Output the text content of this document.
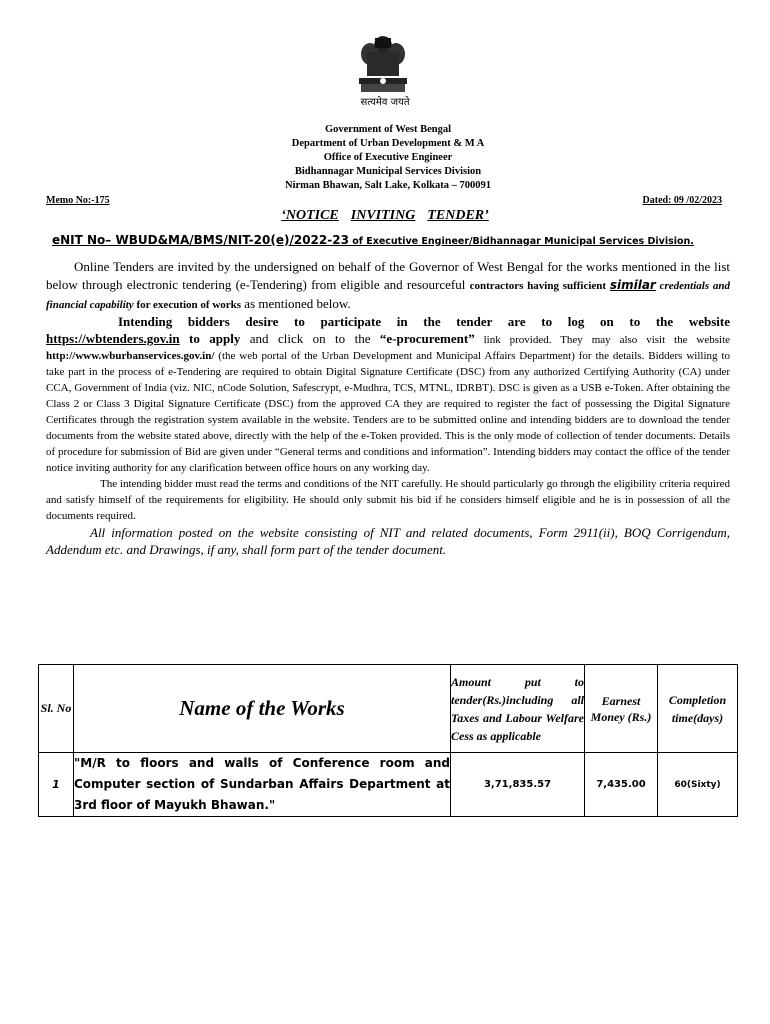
सत्यमेव जयते
Government of West Bengal
Department of Urban Development & M A
Office of Executive Engineer
Bidhannagar Municipal Services Division
Nirman Bhawan, Salt Lake, Kolkata – 700091
Memo No:-175	Dated: 09 /02/2023
‘NOTICE INVITING TENDER’
eNIT No– WBUD&MA/BMS/NIT-20(e)/2022-23 of Executive Engineer/Bidhannagar Municipal Services Division.

Online Tenders are invited by the undersigned on behalf of the Governor of West Bengal for the works mentioned in the list below through electronic tendering (e-Tendering) from eligible and resourceful contractors having sufficient similar credentials and financial capability for execution of works as mentioned below.

Intending bidders desire to participate in the tender are to log on to the website https://wbtenders.gov.in to apply and click on to the “e-procurement” link provided. They may also visit the website http://www.wburbanservices.gov.in/ (the web portal of the Urban Development and Municipal Affairs Department) for the details. Bidders willing to take part in the process of e-Tendering are required to obtain Digital Signature Certificate (DSC) from any authorized Certifying Authority (CA) under CCA, Government of India (viz. NIC, nCode Solution, Safescrypt, e-Mudhra, TCS, MTNL, IDRBT). DSC is given as a USB e-Token. After obtaining the Class 2 or Class 3 Digital Signature Certificate (DSC) from the approved CA they are required to register the fact of possessing the Digital Signature Certificates through the registration system available in the website. Tenders are to be submitted online and intending bidders are to download the tender documents from the website stated above, directly with the help of the e-Token provided. This is the only mode of collection of tender documents. Details of procedure for submission of Bid are given under “General terms and conditions and information”. Intending bidders may contact the office of the tender notice inviting authority for any clarification between office hours on any working day.

The intending bidder must read the terms and conditions of the NIT carefully. He should particularly go through the eligibility criteria required and satisfy himself of the requirements for eligibility. He should only submit his bid if he considers himself eligible and he is in possession of all the documents required.

All information posted on the website consisting of NIT and related documents, Form 2911(ii), BOQ Corrigendum, Addendum etc. and Drawings, if any, shall form part of the tender document.

Sl. No	Name of the Works	Amount put to tender(Rs.)including all Taxes and Labour Welfare Cess as applicable	Earnest Money (Rs.)	Completion time(days)
1	"M/R to floors and walls of Conference room and Computer section of Sundarban Affairs Department at 3rd floor of Mayukh Bhawan."	3,71,835.57	7,435.00	60(Sixty)
